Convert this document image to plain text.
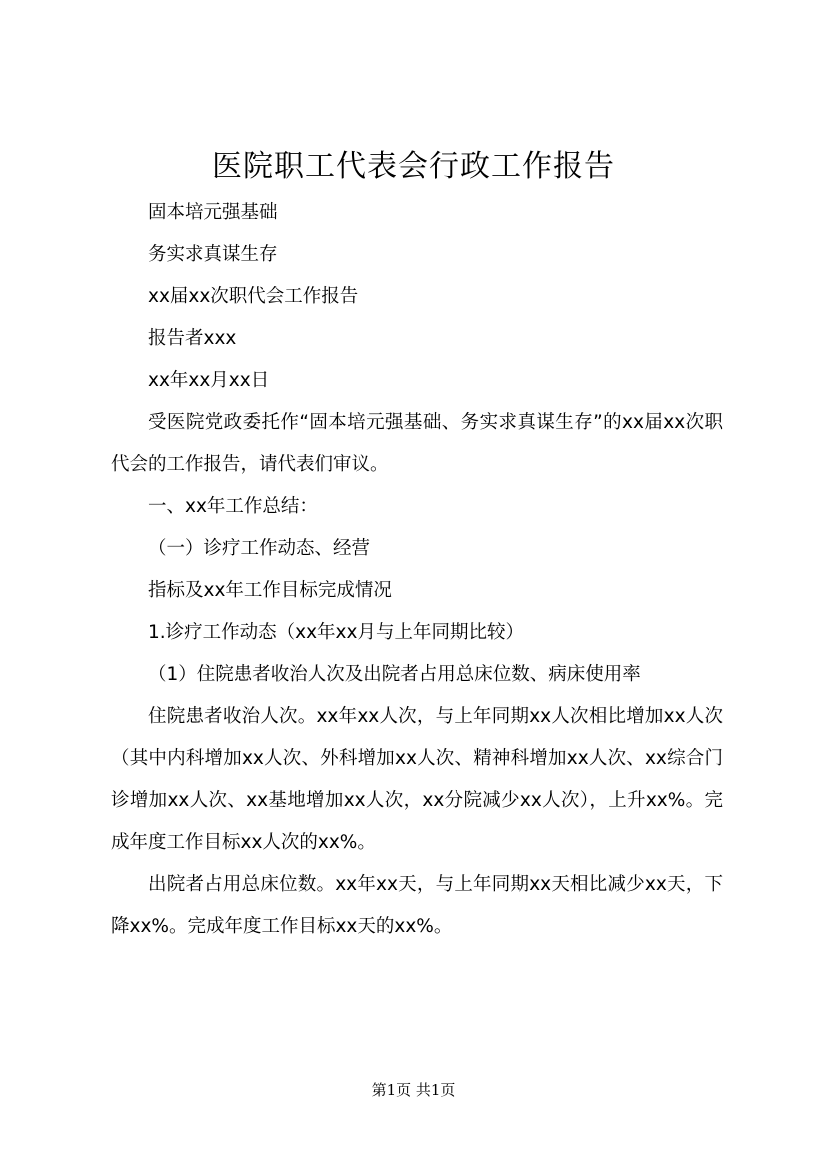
医院职工代表会行政工作报告

固本培元强基础

务实求真谋生存

xx届xx次职代会工作报告

报告者xxx

xx年xx月xx日

受医院党政委托作“固本培元强基础、务实求真谋生存”的xx届xx次职代会的工作报告，请代表们审议。

一、xx年工作总结：

（一）诊疗工作动态、经营

指标及xx年工作目标完成情况

1.诊疗工作动态（xx年xx月与上年同期比较）

（1）住院患者收治人次及出院者占用总床位数、病床使用率

住院患者收治人次。xx年xx人次，与上年同期xx人次相比增加xx人次（其中内科增加xx人次、外科增加xx人次、精神科增加xx人次、xx综合门诊增加xx人次、xx基地增加xx人次，xx分院减少xx人次），上升xx%。完成年度工作目标xx人次的xx%。

出院者占用总床位数。xx年xx天，与上年同期xx天相比减少xx天，下降xx%。完成年度工作目标xx天的xx%。

第1页 共1页
